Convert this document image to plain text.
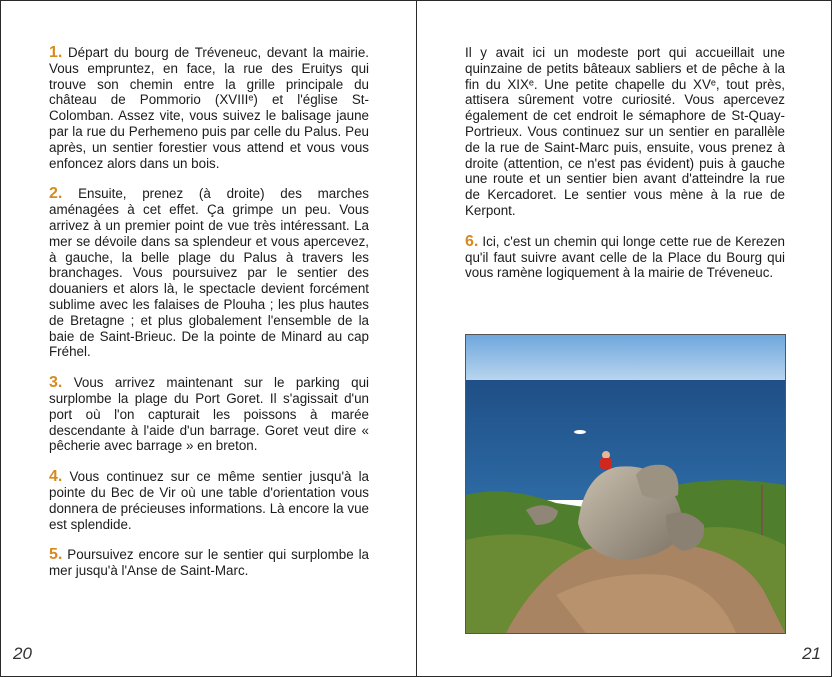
1. Départ du bourg de Tréveneuc, devant la mairie. Vous empruntez, en face, la rue des Eruitys qui trouve son chemin entre la grille principale du château de Pommorio (XVIIIᵉ) et l'église St-Colomban. Assez vite, vous suivez le balisage jaune par la rue du Perhemeno puis par celle du Palus. Peu après, un sentier forestier vous attend et vous vous enfoncez alors dans un bois.

2. Ensuite, prenez (à droite) des marches aménagées à cet effet. Ça grimpe un peu. Vous arrivez à un premier point de vue très intéressant. La mer se dévoile dans sa splendeur et vous apercevez, à gauche, la belle plage du Palus à travers les branchages. Vous poursuivez par le sentier des douaniers et alors là, le spectacle devient forcément sublime avec les falaises de Plouha ; les plus hautes de Bretagne ; et plus globalement l'ensemble de la baie de Saint-Brieuc. De la pointe de Minard au cap Fréhel.

3. Vous arrivez maintenant sur le parking qui surplombe la plage du Port Goret. Il s'agissait d'un port où l'on capturait les poissons à marée descendante à l'aide d'un barrage. Goret veut dire « pêcherie avec barrage » en breton.

4. Vous continuez sur ce même sentier jusqu'à la pointe du Bec de Vir où une table d'orientation vous donnera de précieuses informations. Là encore la vue est splendide.

5. Poursuivez encore sur le sentier qui surplombe la mer jusqu'à l'Anse de Saint-Marc.

20

Il y avait ici un modeste port qui accueillait une quinzaine de petits bâteaux sabliers et de pêche à la fin du XIXᵉ. Une petite chapelle du XVᵉ, tout près, attisera sûrement votre curiosité. Vous apercevez également de cet endroit le sémaphore de St-Quay-Portrieux. Vous continuez sur un sentier en parallèle de la rue de Saint-Marc puis, ensuite, vous prenez à droite (attention, ce n'est pas évident) puis à gauche une route et un sentier bien avant d'atteindre la rue de Kercadoret. Le sentier vous mène à la rue de Kerpont.

6. Ici, c'est un chemin qui longe cette rue de Kerezen qu'il faut suivre avant celle de la Place du Bourg qui vous ramène logiquement à la mairie de Tréveneuc.

21
